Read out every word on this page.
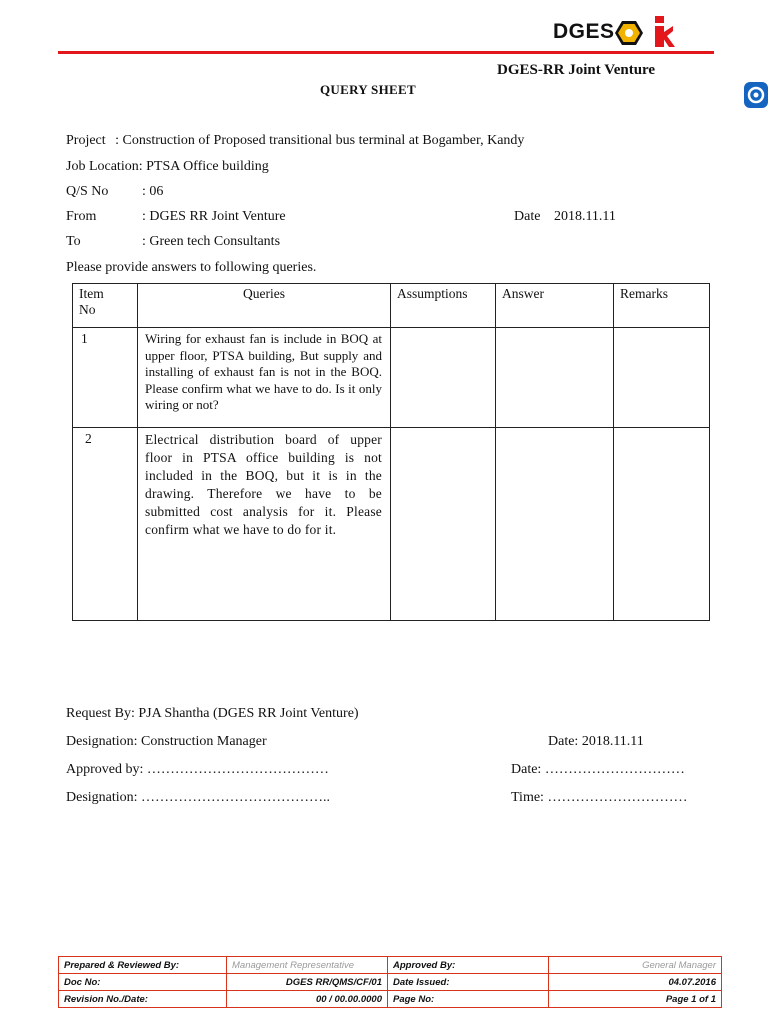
DGES
DGES-RR Joint Venture
QUERY SHEET
Project : Construction of Proposed transitional bus terminal at Bogamber, Kandy
Job Location: PTSA Office building
Q/S No : 06
From	: DGES RR Joint Venture	Date 2018.11.11
To	: Green tech Consultants
Please provide answers to following queries.
Item
No	Queries	Assumptions	Answer	Remarks
1	Wiring for exhaust fan is include in BOQ at upper floor, PTSA building, But supply and installing of exhaust fan is not in the BOQ. Please confirm what we have to do. Is it only wiring or not?			
2	Electrical distribution board of upper floor in PTSA office building is not included in the BOQ, but it is in the drawing. Therefore we have to be submitted cost analysis for it. Please confirm what we have to do for it.			
Request By: PJA Shantha (DGES RR Joint Venture)
Designation: Construction Manager	Date: 2018.11.11
Approved by: …………………………………	Date: …………………………
Designation: …………………………………..	Time: …………………………
Prepared & Reviewed By:	Management Representative	Approved By:	General Manager
Doc No:	DGES RR/QMS/CF/01	Date Issued:	04.07.2016
Revision No./Date:	00 / 00.00.0000	Page No:	Page 1 of 1
